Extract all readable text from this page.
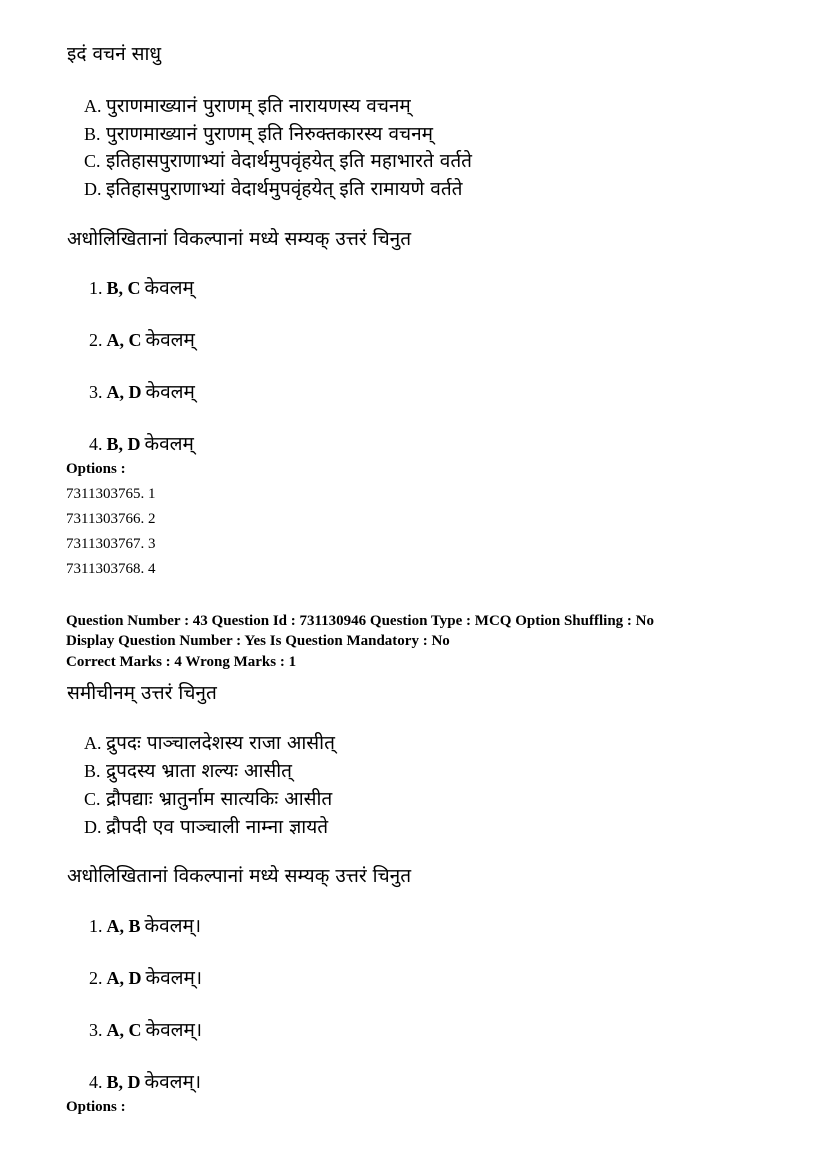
इदं वचनं साधु
A. पुराणमाख्यानं पुराणम् इति नारायणस्य वचनम्
B. पुराणमाख्यानं पुराणम् इति निरुक्तकारस्य वचनम्
C. इतिहासपुराणाभ्यां वेदार्थमुपवृंहयेत् इति महाभारते वर्तते
D. इतिहासपुराणाभ्यां वेदार्थमुपवृंहयेत् इति रामायणे वर्तते
अधोलिखितानां विकल्पानां मध्ये सम्यक् उत्तरं चिनुत
1. B, C केवलम्
2. A, C केवलम्
3. A, D केवलम्
4. B, D केवलम्
Options :
7311303765. 1
7311303766. 2
7311303767. 3
7311303768. 4
Question Number : 43 Question Id : 731130946 Question Type : MCQ Option Shuffling : No
Display Question Number : Yes Is Question Mandatory : No
Correct Marks : 4 Wrong Marks : 1
समीचीनम् उत्तरं चिनुत
A. द्रुपदः पाञ्चालदेशस्य राजा आसीत्
B. द्रुपदस्य भ्राता शल्यः आसीत्
C. द्रौपद्याः भ्रातुर्नाम सात्यकिः आसीत
D. द्रौपदी एव पाञ्चाली नाम्ना ज्ञायते
अधोलिखितानां विकल्पानां मध्ये सम्यक् उत्तरं चिनुत
1. A, B केवलम्।
2. A, D केवलम्।
3. A, C केवलम्।
4. B, D केवलम्।
Options :
